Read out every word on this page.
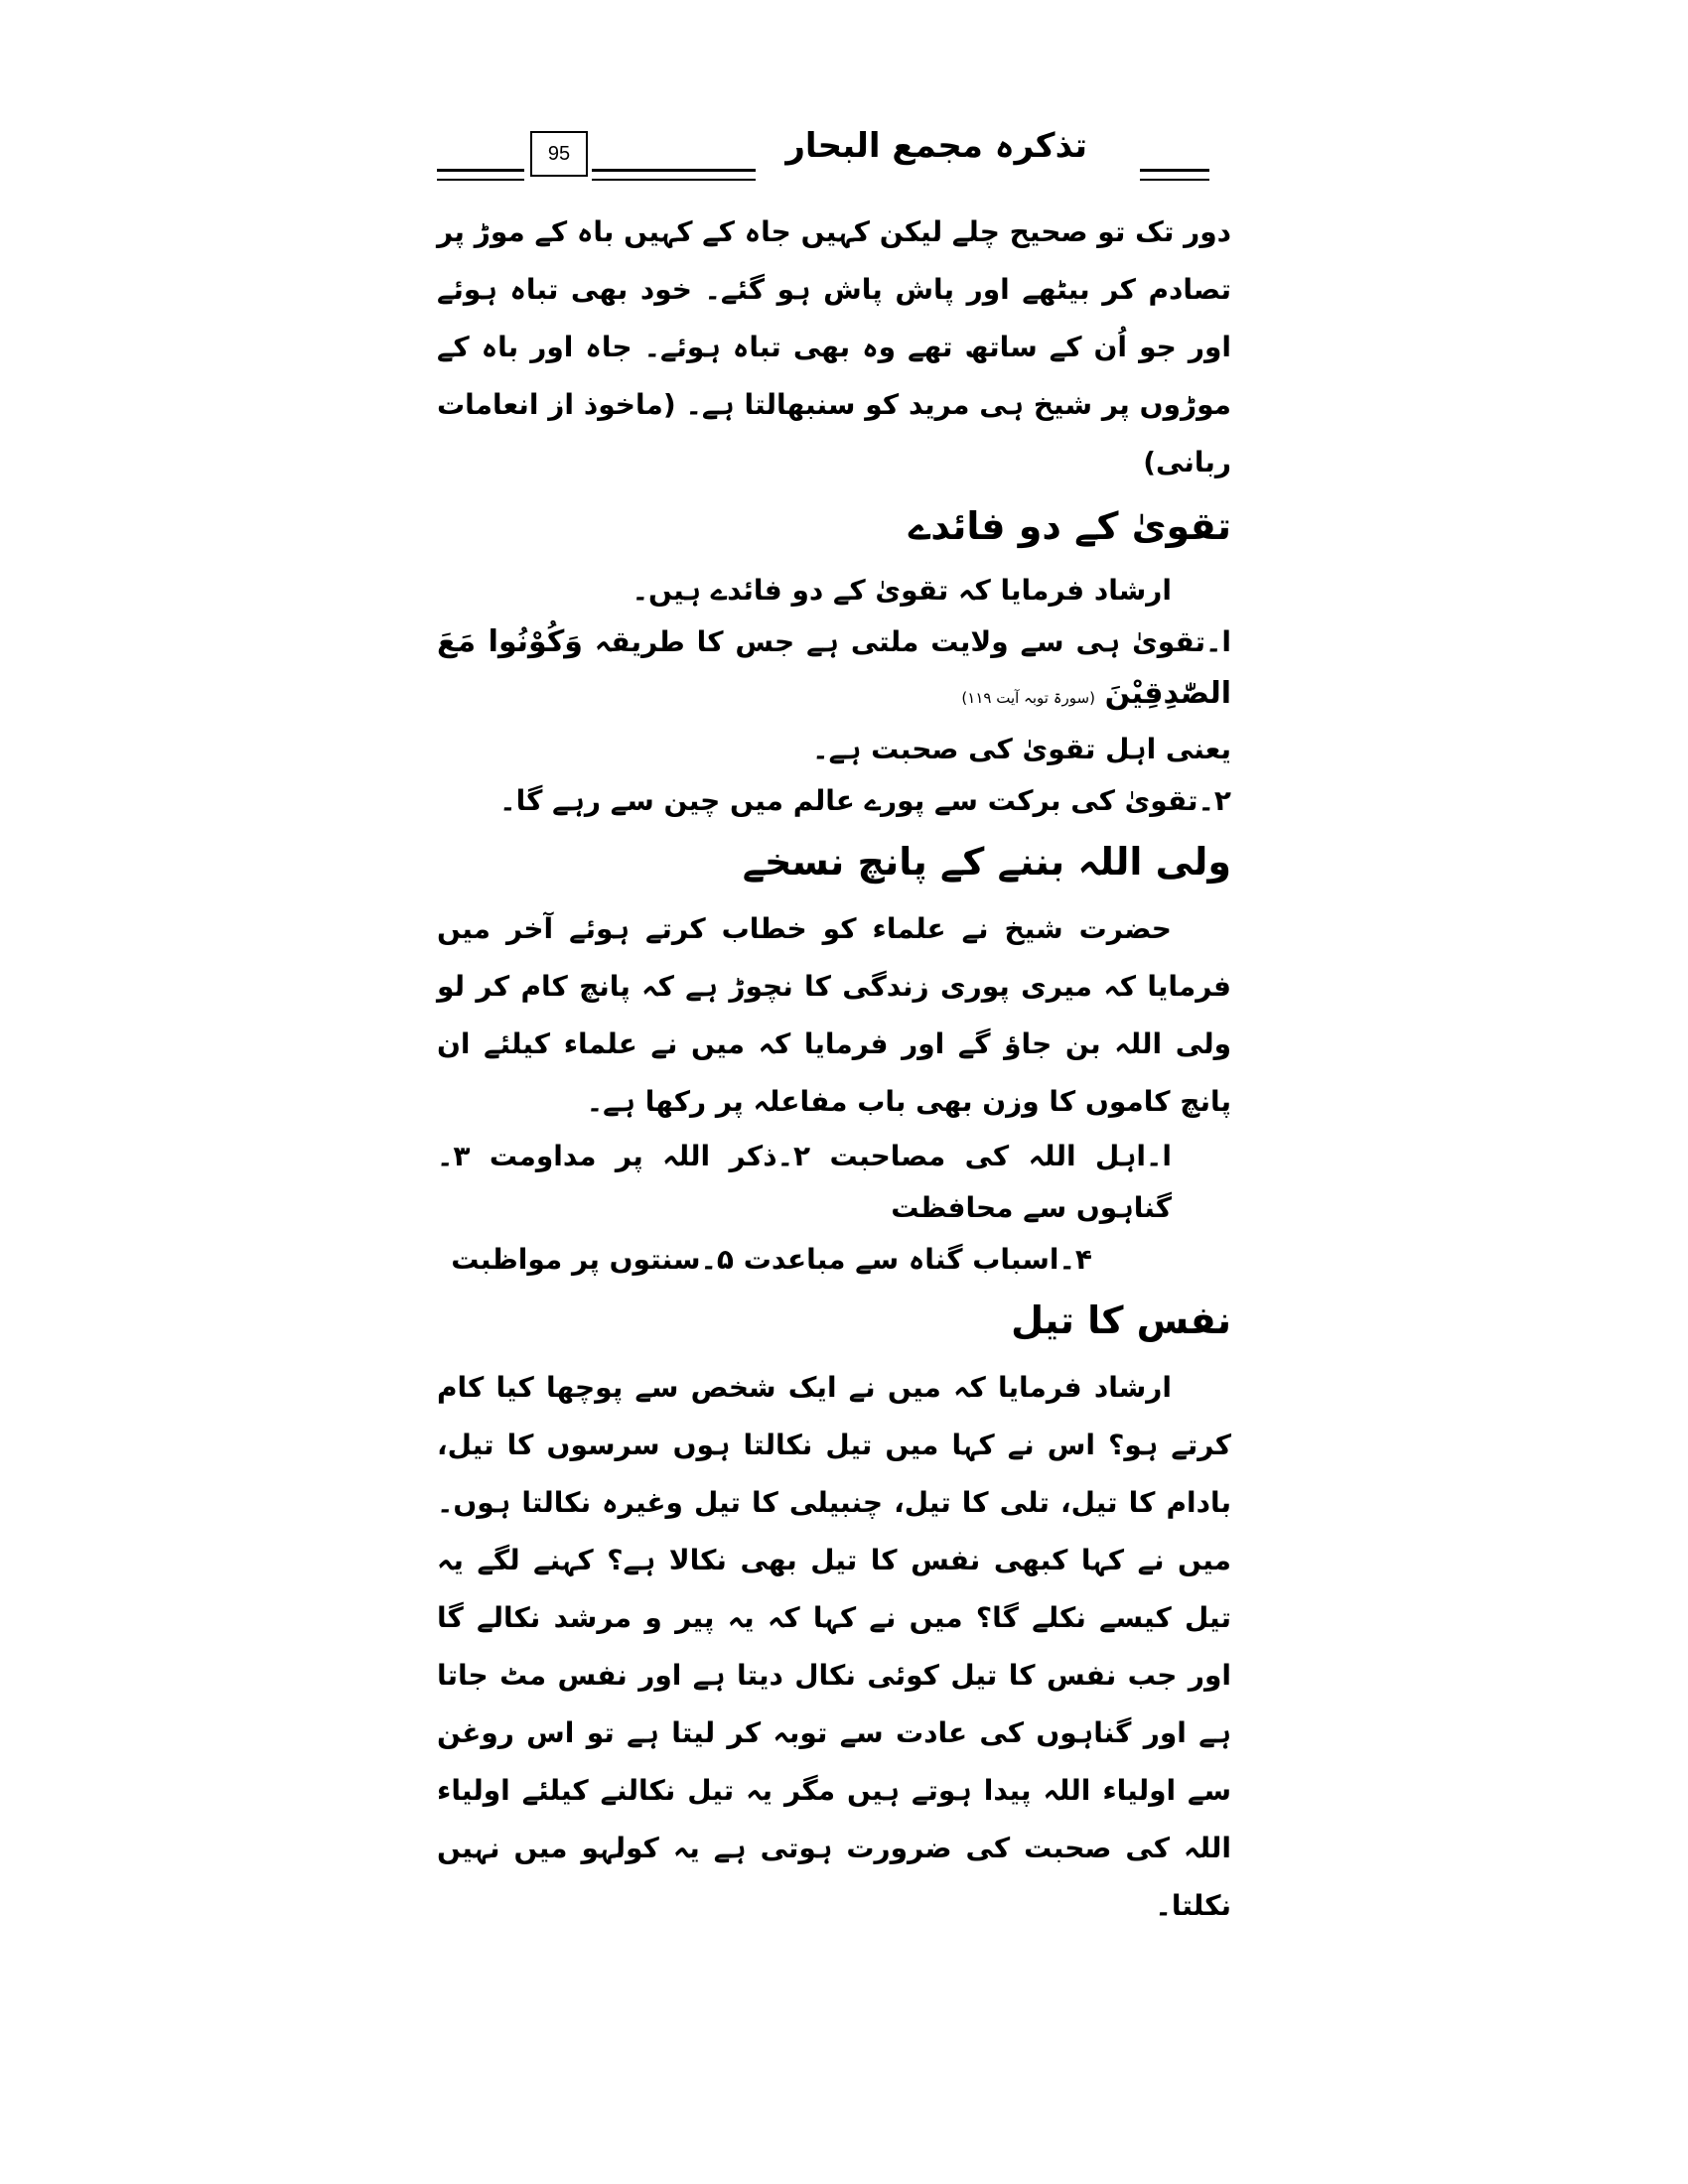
95	تذکرہ مجمع البحار

دور تک تو صحیح چلے لیکن کہیں جاہ کے کہیں باہ کے موڑ پر تصادم کر بیٹھے اور پاش پاش ہو گئے۔ خود بھی تباہ ہوئے اور جو اُن کے ساتھ تھے وہ بھی تباہ ہوئے۔ جاہ اور باہ کے موڑوں پر شیخ ہی مرید کو سنبھالتا ہے۔ (ماخوذ از انعامات ربانی)

تقویٰ کے دو فائدے

ارشاد فرمایا کہ تقویٰ کے دو فائدے ہیں۔

ا۔تقویٰ ہی سے ولایت ملتی ہے جس کا طریقہ وَکُوْنُوا مَعَ الصّٰدِقِیْنَ (سورۃ توبہ آیت ۱۱۹)

یعنی اہل تقویٰ کی صحبت ہے۔

۲۔تقویٰ کی برکت سے پورے عالم میں چین سے رہے گا۔

ولی اللہ بننے کے پانچ نسخے

حضرت شیخ نے علماء کو خطاب کرتے ہوئے آخر میں فرمایا کہ میری پوری زندگی کا نچوڑ ہے کہ پانچ کام کر لو ولی اللہ بن جاؤ گے اور فرمایا کہ میں نے علماء کیلئے ان پانچ کاموں کا وزن بھی باب مفاعلہ پر رکھا ہے۔

ا۔اہل اللہ کی مصاحبت ۲۔ذکر اللہ پر مداومت ۳۔گناہوں سے محافظت

۴۔اسباب گناہ سے مباعدت ۵۔سنتوں پر مواظبت

نفس کا تیل

ارشاد فرمایا کہ میں نے ایک شخص سے پوچھا کیا کام کرتے ہو؟ اس نے کہا میں تیل نکالتا ہوں سرسوں کا تیل، بادام کا تیل، تلی کا تیل، چنبیلی کا تیل وغیرہ نکالتا ہوں۔ میں نے کہا کبھی نفس کا تیل بھی نکالا ہے؟ کہنے لگے یہ تیل کیسے نکلے گا؟ میں نے کہا کہ یہ پیر و مرشد نکالے گا اور جب نفس کا تیل کوئی نکال دیتا ہے اور نفس مٹ جاتا ہے اور گناہوں کی عادت سے توبہ کر لیتا ہے تو اس روغن سے اولیاء اللہ پیدا ہوتے ہیں مگر یہ تیل نکالنے کیلئے اولیاء اللہ کی صحبت کی ضرورت ہوتی ہے یہ کولہو میں نہیں نکلتا۔
